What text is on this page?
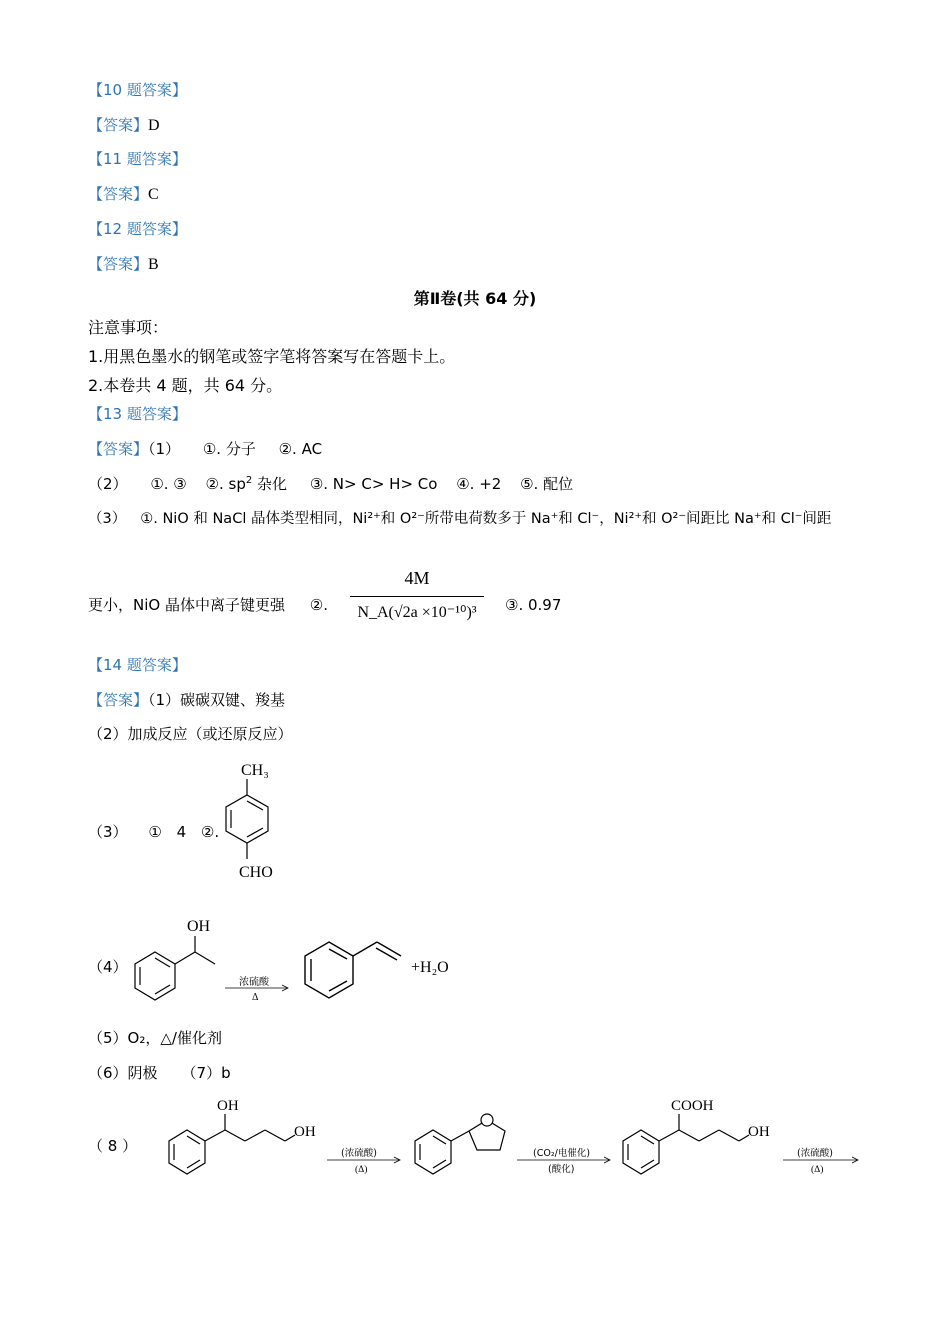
【10 题答案】
【答案】D
【11 题答案】
【答案】C
【12 题答案】
【答案】B
第Ⅱ卷(共 64 分)
注意事项：
1.用黑色墨水的钢笔或签字笔将答案写在答题卡上。
2.本卷共 4 题，共 64 分。
【13 题答案】
【答案】（1） ①. 分子 ②. AC
（2） ①. ③ ②. $sp^2$ 杂化 ③. N> C> H> Co ④. +2 ⑤. 配位
（3） ①. NiO 和 NaCl 晶体类型相同，Ni²⁺和 O²⁻所带电荷数多于 Na⁺和 Cl⁻，Ni²⁺和 O²⁻间距比 Na⁺和 Cl⁻间距
更小，NiO 晶体中离子键更强 ②.
4M
N_A(√2a ×10⁻¹⁰)³	③. 0.97
【14 题答案】
【答案】（1）碳碳双键、羧基
（2）加成反应（或还原反应）
（3） ① 4 ②.
CH₃
CHO
（4）
OH
浓硫酸
Δ
+H₂O
（5）O₂，△/催化剂
（6）阴极 （7）b
（ 8 ）
OH
OH
(浓硫酸)
(Δ)
(CO₂/电催化)
(酸化)
COOH
OH
(浓硫酸)
(Δ)
